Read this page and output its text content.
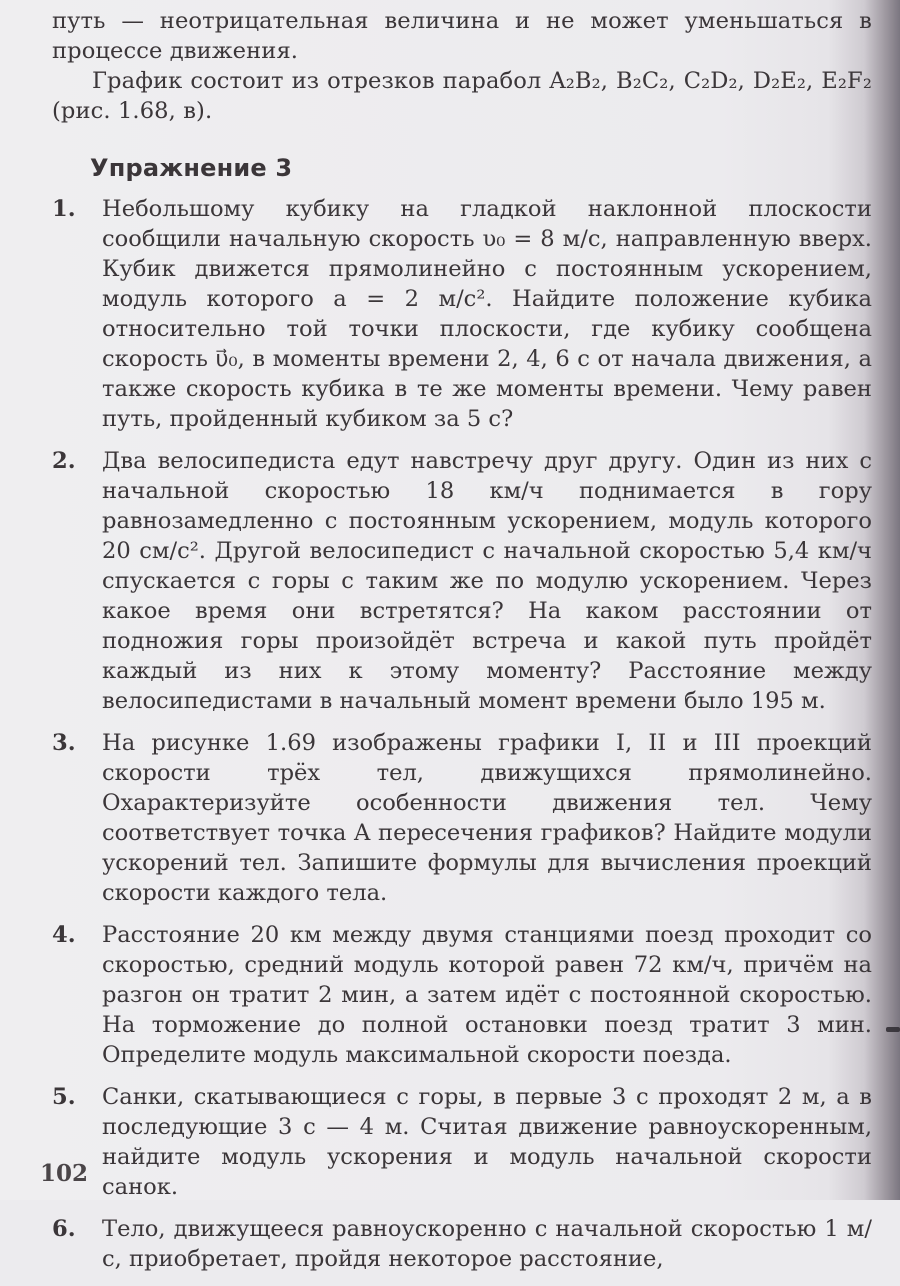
путь — неотрицательная величина и не может уменьшаться в процессе движения.

График состоит из отрезков парабол A₂B₂, B₂C₂, C₂D₂, D₂E₂, E₂F₂ (рис. 1.68, в).

Упражнение 3
1. Небольшому кубику на гладкой наклонной плоскости сообщили начальную скорость υ₀ = 8 м/с, направленную вверх. Кубик движется прямолинейно с постоянным ускорением, модуль которого a = 2 м/с². Найдите положение кубика относительно той точки плоскости, где кубику сообщена скорость υ⃗₀, в моменты времени 2, 4, 6 с от начала движения, а также скорость кубика в те же моменты времени. Чему равен путь, пройденный кубиком за 5 с?

2. Два велосипедиста едут навстречу друг другу. Один из них с начальной скоростью 18 км/ч поднимается в гору равнозамедленно с постоянным ускорением, модуль которого 20 см/с². Другой велосипедист с начальной скоростью 5,4 км/ч спускается с горы с таким же по модулю ускорением. Через какое время они встретятся? На каком расстоянии от подножия горы произойдёт встреча и какой путь пройдёт каждый из них к этому моменту? Расстояние между велосипедистами в начальный момент времени было 195 м.

3. На рисунке 1.69 изображены графики I, II и III проекций скорости трёх тел, движущихся прямолинейно. Охарактеризуйте особенности движения тел. Чему соответствует точка A пересечения графиков? Найдите модули ускорений тел. Запишите формулы для вычисления проекций скорости каждого тела.

4. Расстояние 20 км между двумя станциями поезд проходит со скоростью, средний модуль которой равен 72 км/ч, причём на разгон он тратит 2 мин, а затем идёт с постоянной скоростью. На торможение до полной остановки поезд тратит 3 мин. Определите модуль максимальной скорости поезда.

5. Санки, скатывающиеся с горы, в первые 3 с проходят 2 м, а в последующие 3 с — 4 м. Считая движение равноускоренным, найдите модуль ускорения и модуль начальной скорости санок.

6. Тело, движущееся равноускоренно с начальной скоростью 1 м/с, приобретает, пройдя некоторое расстояние,

102
